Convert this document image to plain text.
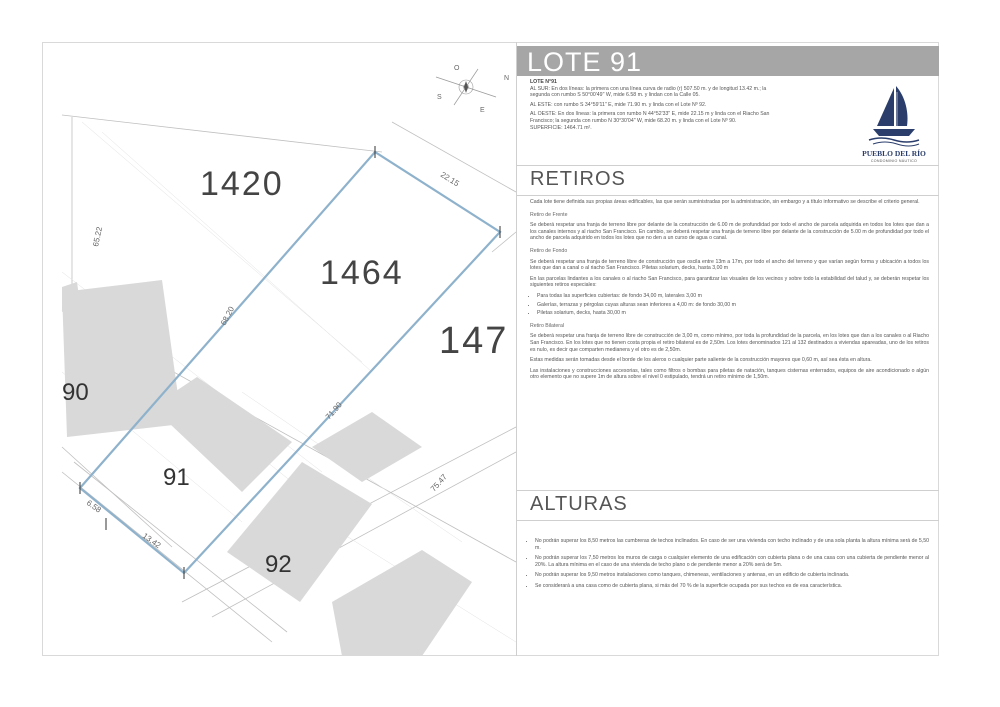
N
O
S
E
1420
1464
147
90
91
92
65.22
22.15
68.20
71.90
75.47
6.58
13.42
LOTE 91

LOTE N°91

AL SUR: En dos líneas: la primera con una línea curva de radio (r) 507.50 m. y de longitud 13.42 m.; la segunda con rumbo S 50°00'49" W, mide 6.58 m. y lindan con la Calle 05.

AL ESTE: con rumbo S 34°59'11" E, mide 71.90 m. y linda con el Lote Nº 92.

AL OESTE: En dos líneas: la primera con rumbo N 44°52'33" E, mide 22.15 m y linda con el Riacho San Francisco; la segunda con rumbo N 30°30'04" W, mide 68.20 m. y linda con el Lote Nº 90.

SUPERFICIE: 1464.71 m².

PUEBLO DEL RÍO
CONDOMINIO NÁUTICO
RETIROS

Cada lote tiene definida sus propias áreas edificables, las que serán suministradas por la administración, sin embargo y a título informativo se describe el criterio general.

Retiro de Frente

Se deberá respetar una franja de terreno libre por delante de la construcción de 6.00 m de profundidad por todo el ancho de parcela adquirida en todos los lotes que dan a los canales internos y al riacho San Francisco. En cambio, se deberá respetar una franja de terreno libre por delante de la construcción de 5.00 m de profundidad por todo el ancho de parcela adquirido en todos los lotes que no den a un curso de agua o canal.

Retiro de Fondo

Se deberá respetar una franja de terreno libre de construcción que oscila entre 13m a 17m, por todo el ancho del terreno y que varían según forma y ubicación a todos los lotes que dan a canal o al riacho San Francisco. Piletas solarium, decks, hasta 3,00 m

En las parcelas lindantes a los canales o al riacho San Francisco, para garantizar las visuales de los vecinos y sobre todo la estabilidad del talud y, se deberán respetar los siguientes retiros especiales:

• Para todas las superficies cubiertas: de fondo 34,00 m, laterales 3,00 m
• Galerías, terrazas y pérgolas cuyas alturas sean inferiores a 4,00 m: de fondo 30,00 m
• Piletas solarium, decks, hasta 30,00 m

Retiro Bilateral

Se deberá respetar una franja de terreno libre de construcción de 3,00 m, como mínimo, por toda la profundidad de la parcela, en los lotes que dan a los canales o al Riacho San Francisco. En los lotes que no tienen costa propia el retiro bilateral es de 2,50m. Los lotes denominados 121 al 132 destinados a viviendas apareadas, uno de los retiros es nulo, es decir que comparten medianera y el otro es de 2,50m.

Estas medidas serán tomadas desde el borde de los aleros o cualquier parte saliente de la construcción mayores que 0,60 m, así sea ésta en altura.

Las instalaciones y construcciones accesorias, tales como filtros o bombas para piletas de natación, tanques cisternas enterrados, equipos de aire acondicionado o algún otro elemento que no supere 1m de altura sobre el nivel 0 estipulado, tendrá un retiro mínimo de 1,50m.

ALTURAS
• No podrán superar los 8,50 metros las cumbreras de techos inclinados. En caso de ser una vivienda con techo inclinado y de una sola planta la altura mínima será de 5,50 m.
• No podrán superar los 7,50 metros los muros de carga o cualquier elemento de una edificación con cubierta plana o de una casa con una cubierta de pendiente menor al 20%. La altura mínima en el caso de una vivienda de techo plano o de pendiente menor a 20% será de 5m.
• No podrán superar los 9,50 metros instalaciones como tanques, chimeneas, ventilaciones y antenas, en un edificio de cubierta inclinada.
• Se considerará a una casa como de cubierta plana, si más del 70 % de la superficie ocupada por sus techos es de esa característica.
